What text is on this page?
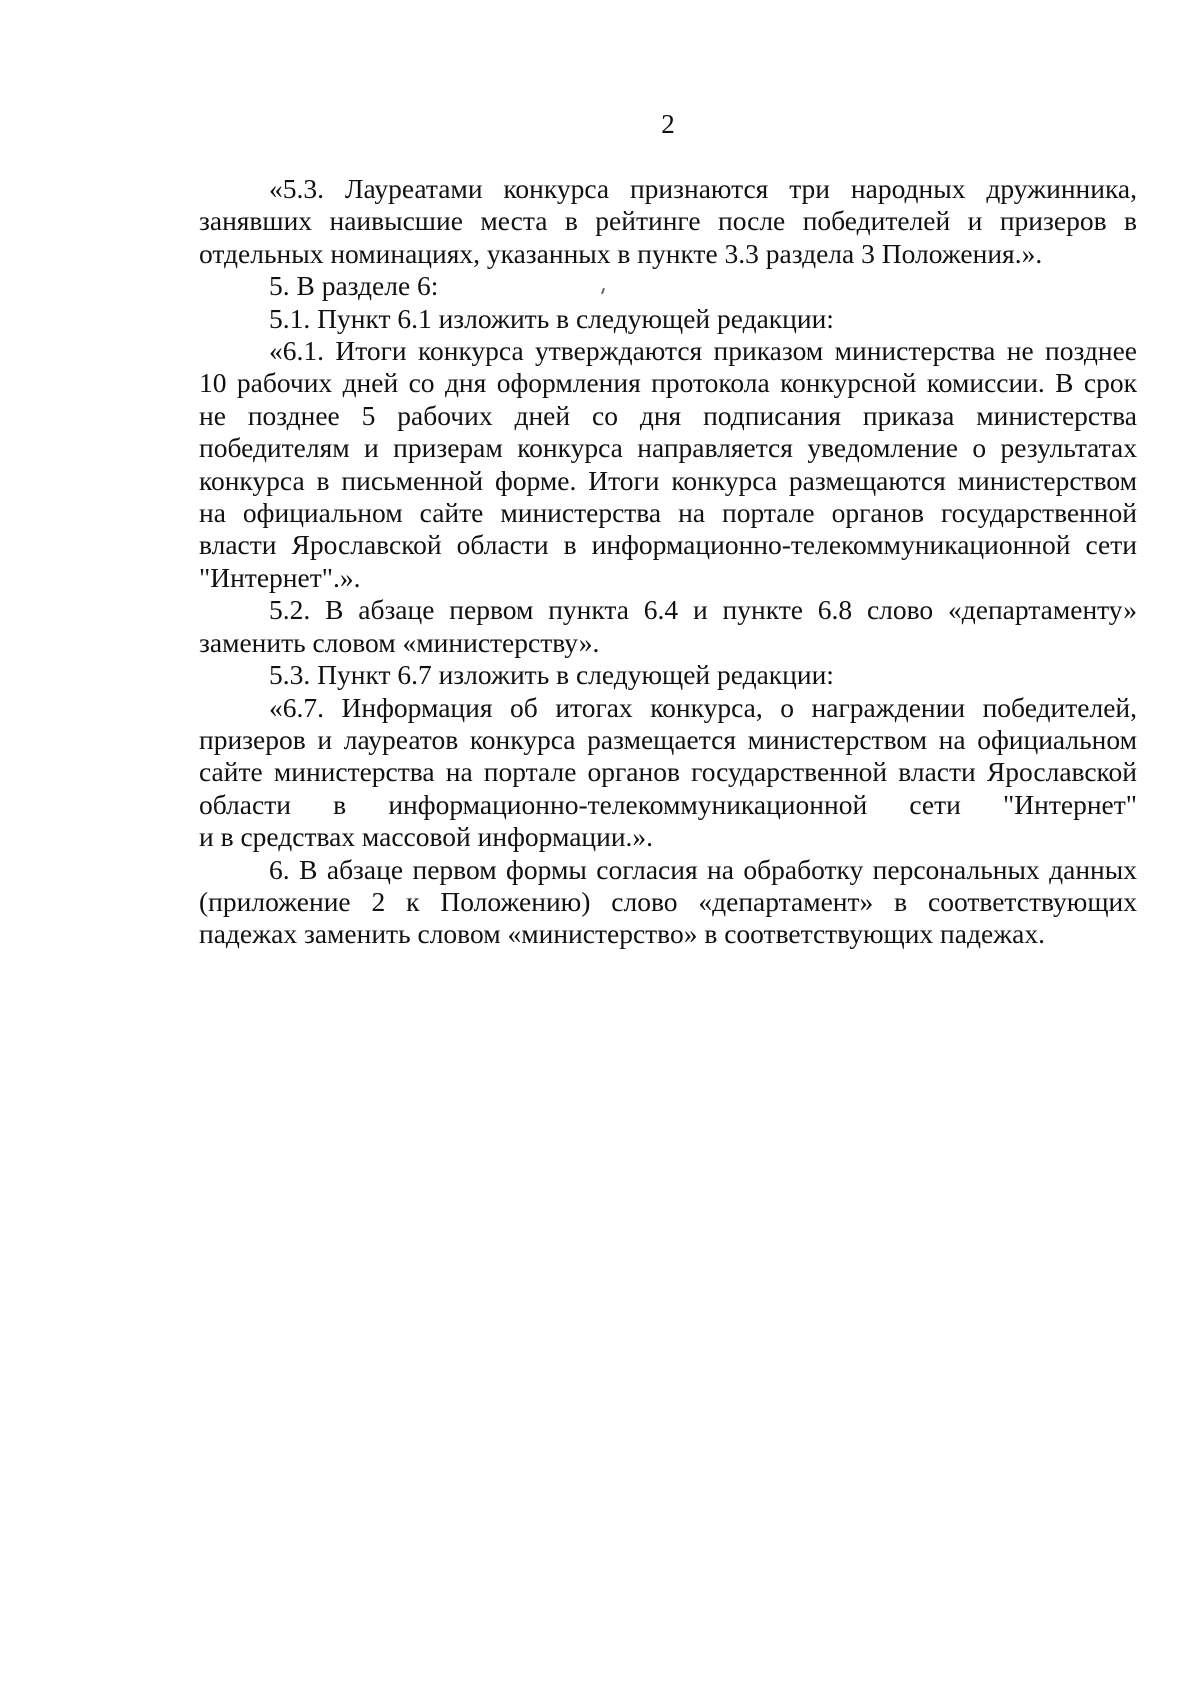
2
«5.3. Лауреатами конкурса признаются три народных дружинника,
занявших наивысшие места в рейтинге после победителей и призеров в
отдельных номинациях, указанных в пункте 3.3 раздела 3 Положения.».
5. В разделе 6:
5.1. Пункт 6.1 изложить в следующей редакции:
«6.1. Итоги конкурса утверждаются приказом министерства не позднее
10 рабочих дней со дня оформления протокола конкурсной комиссии. В срок
не позднее 5 рабочих дней со дня подписания приказа министерства
победителям и призерам конкурса направляется уведомление о результатах
конкурса в письменной форме. Итоги конкурса размещаются министерством
на официальном сайте министерства на портале органов государственной
власти Ярославской области в информационно-телекоммуникационной сети
"Интернет".».
5.2. В абзаце первом пункта 6.4 и пункте 6.8 слово «департаменту»
заменить словом «министерству».
5.3. Пункт 6.7 изложить в следующей редакции:
«6.7. Информация об итогах конкурса, о награждении победителей,
призеров и лауреатов конкурса размещается министерством на официальном
сайте министерства на портале органов государственной власти Ярославской
области в информационно-телекоммуникационной сети "Интернет"
и в средствах массовой информации.».
6. В абзаце первом формы согласия на обработку персональных данных
(приложение 2 к Положению) слово «департамент» в соответствующих
падежах заменить словом «министерство» в соответствующих падежах.
